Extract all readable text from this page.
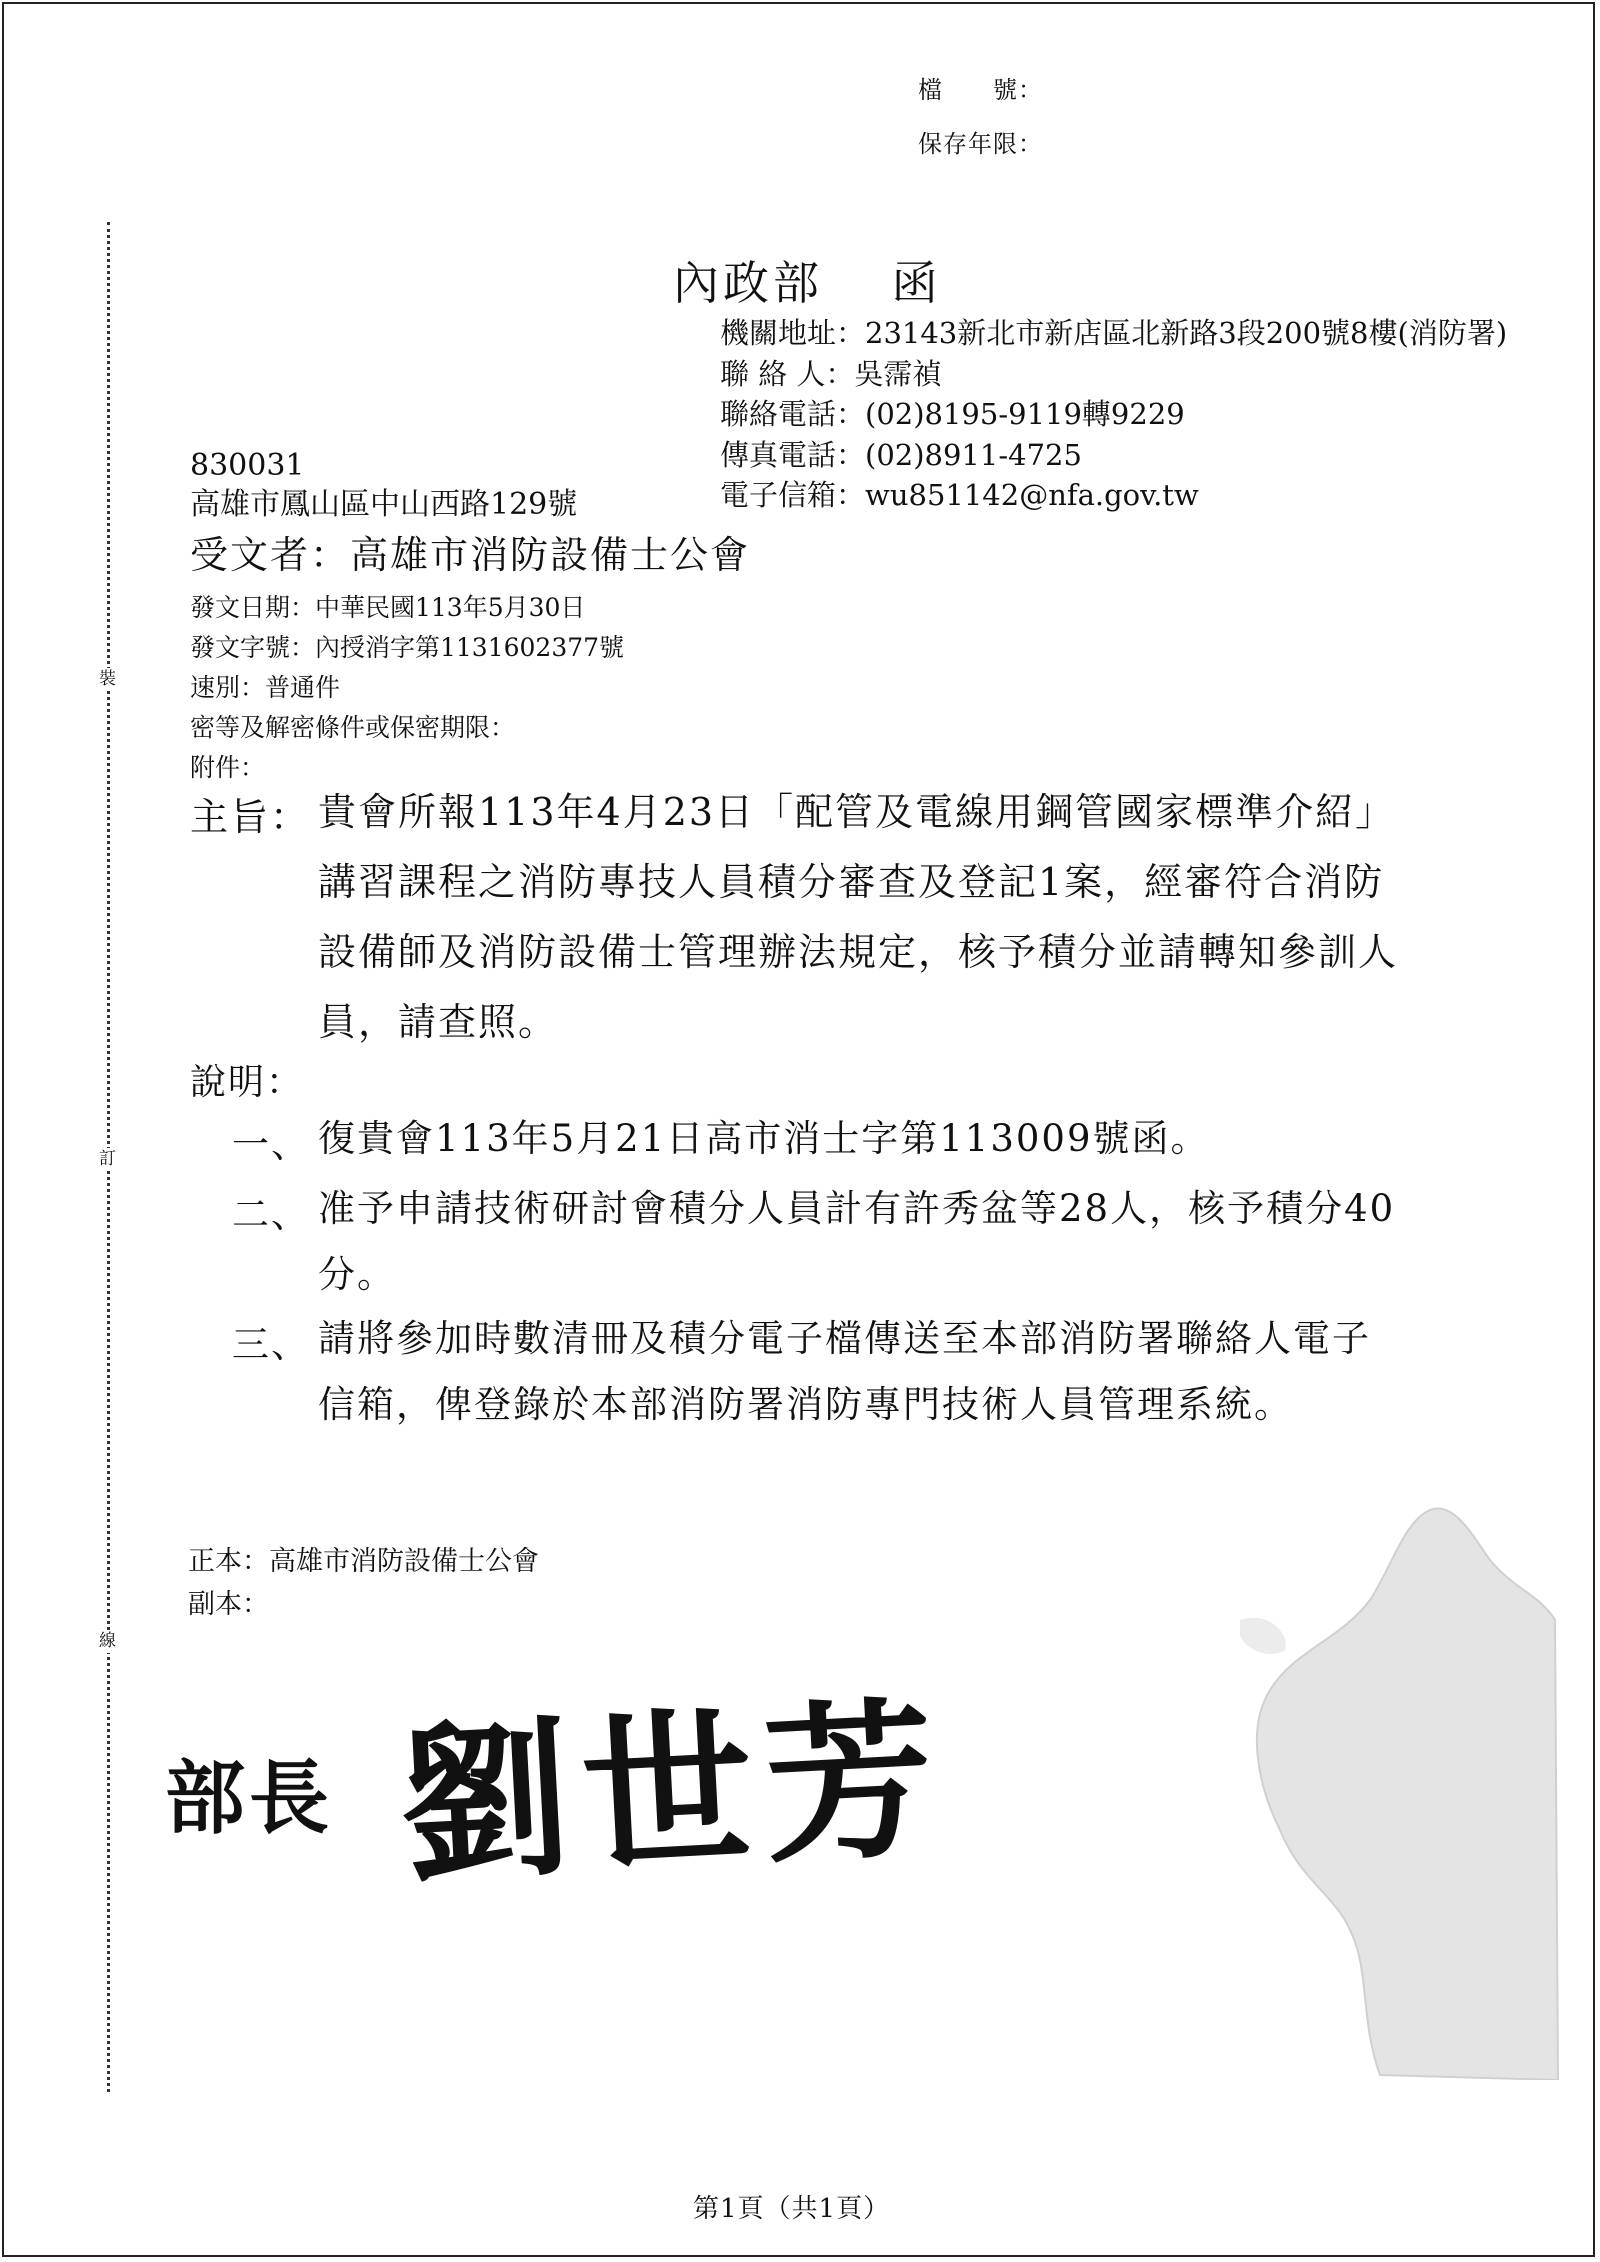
裝
訂
線
檔　　號：
保存年限：
內政部　 函
機關地址：23143新北市新店區北新路3段200號8樓(消防署)
聯 絡 人：吳霈禎
聯絡電話：(02)8195-9119轉9229
傳真電話：(02)8911-4725
電子信箱：wu851142@nfa.gov.tw
830031
高雄市鳳山區中山西路129號
受文者：高雄市消防設備士公會
發文日期：中華民國113年5月30日
發文字號：內授消字第1131602377號
速別：普通件
密等及解密條件或保密期限：
附件：
主旨： 貴會所報113年4月23日「配管及電線用鋼管國家標準介紹」講習課程之消防專技人員積分審查及登記1案，經審符合消防設備師及消防設備士管理辦法規定，核予積分並請轉知參訓人員，請查照。
說明：
一、 復貴會113年5月21日高市消士字第113009號函。
二、 准予申請技術研討會積分人員計有許秀盆等28人，核予積分40分。
三、 請將參加時數清冊及積分電子檔傳送至本部消防署聯絡人電子信箱，俾登錄於本部消防署消防專門技術人員管理系統。
正本：高雄市消防設備士公會
副本：
部長 劉世芳
第1頁（共1頁）
